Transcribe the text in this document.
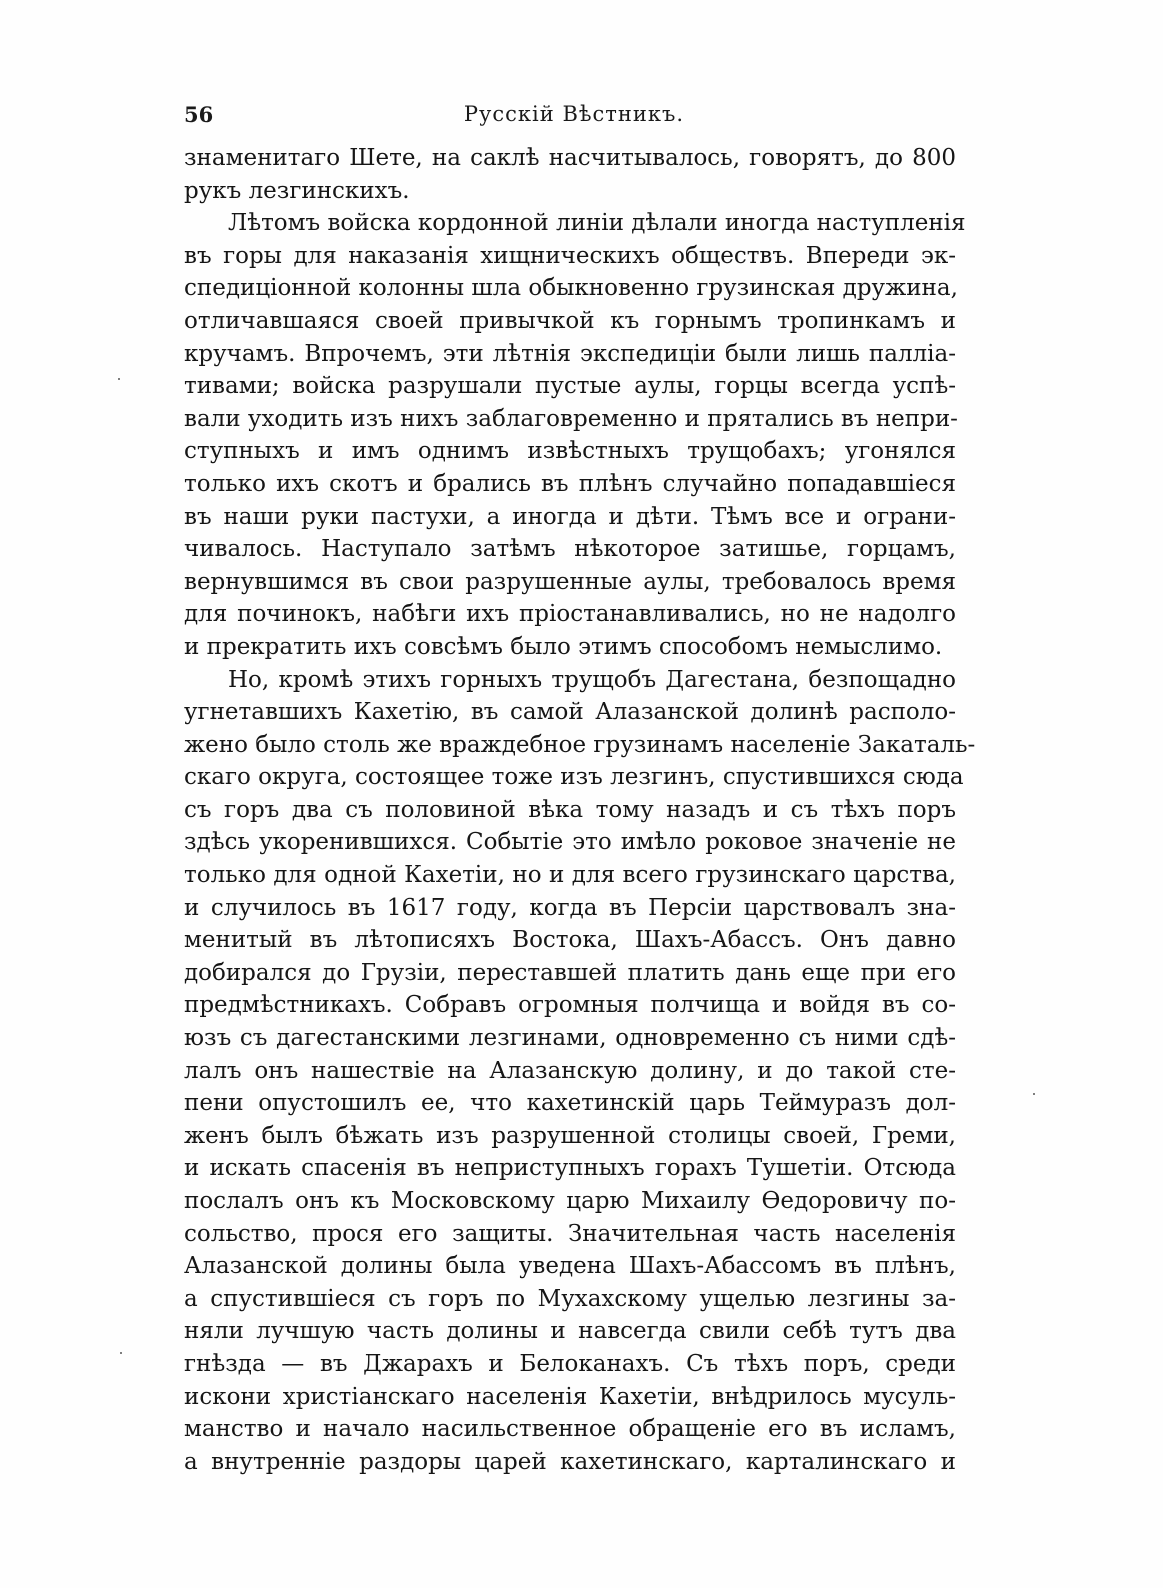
56	Русскій Вѣстникъ.
знаменитаго Шете, на саклѣ насчитывалось, говорятъ, до 800
рукъ лезгинскихъ.
Лѣтомъ войска кордонной линіи дѣлали иногда наступленія
въ горы для наказанія хищническихъ обществъ. Впереди эк-
спедиціонной колонны шла обыкновенно грузинская дружина,
отличавшаяся своей привычкой къ горнымъ тропинкамъ и
кручамъ. Впрочемъ, эти лѣтнія экспедиціи были лишь палліа-
тивами; войска разрушали пустые аулы, горцы всегда успѣ-
вали уходить изъ нихъ заблаговременно и прятались въ непри-
ступныхъ и имъ однимъ извѣстныхъ трущобахъ; угонялся
только ихъ скотъ и брались въ плѣнъ случайно попадавшіеся
въ наши руки пастухи, а иногда и дѣти. Тѣмъ все и ограни-
чивалось. Наступало затѣмъ нѣкоторое затишье, горцамъ,
вернувшимся въ свои разрушенные аулы, требовалось время
для починокъ, набѣги ихъ пріостанавливались, но не надолго
и прекратить ихъ совсѣмъ было этимъ способомъ немыслимо.
Но, кромѣ этихъ горныхъ трущобъ Дагестана, безпощадно
угнетавшихъ Кахетію, въ самой Алазанской долинѣ располо-
жено было столь же враждебное грузинамъ населеніе Закаталь-
скаго округа, состоящее тоже изъ лезгинъ, спустившихся сюда
съ горъ два съ половиной вѣка тому назадъ и съ тѣхъ поръ
здѣсь укоренившихся. Событіе это имѣло роковое значеніе не
только для одной Кахетіи, но и для всего грузинскаго царства,
и случилось въ 1617 году, когда въ Персіи царствовалъ зна-
менитый въ лѣтописяхъ Востока, Шахъ-Абассъ. Онъ давно
добирался до Грузіи, переставшей платить дань еще при его
предмѣстникахъ. Собравъ огромныя полчища и войдя въ со-
юзъ съ дагестанскими лезгинами, одновременно съ ними сдѣ-
лалъ онъ нашествіе на Алазанскую долину, и до такой сте-
пени опустошилъ ее, что кахетинскій царь Теймуразъ дол-
женъ былъ бѣжать изъ разрушенной столицы своей, Греми,
и искать спасенія въ неприступныхъ горахъ Тушетіи. Отсюда
послалъ онъ къ Московскому царю Михаилу Ѳедоровичу по-
сольство, прося его защиты. Значительная часть населенія
Алазанской долины была уведена Шахъ-Абассомъ въ плѣнъ,
а спустившіеся съ горъ по Мухахскому ущелью лезгины за-
няли лучшую часть долины и навсегда свили себѣ тутъ два
гнѣзда — въ Джарахъ и Белоканахъ. Съ тѣхъ поръ, среди
искони христіанскаго населенія Кахетіи, внѣдрилось мусуль-
манство и начало насильственное обращеніе его въ исламъ,
а внутренніе раздоры царей кахетинскаго, карталинскаго и
